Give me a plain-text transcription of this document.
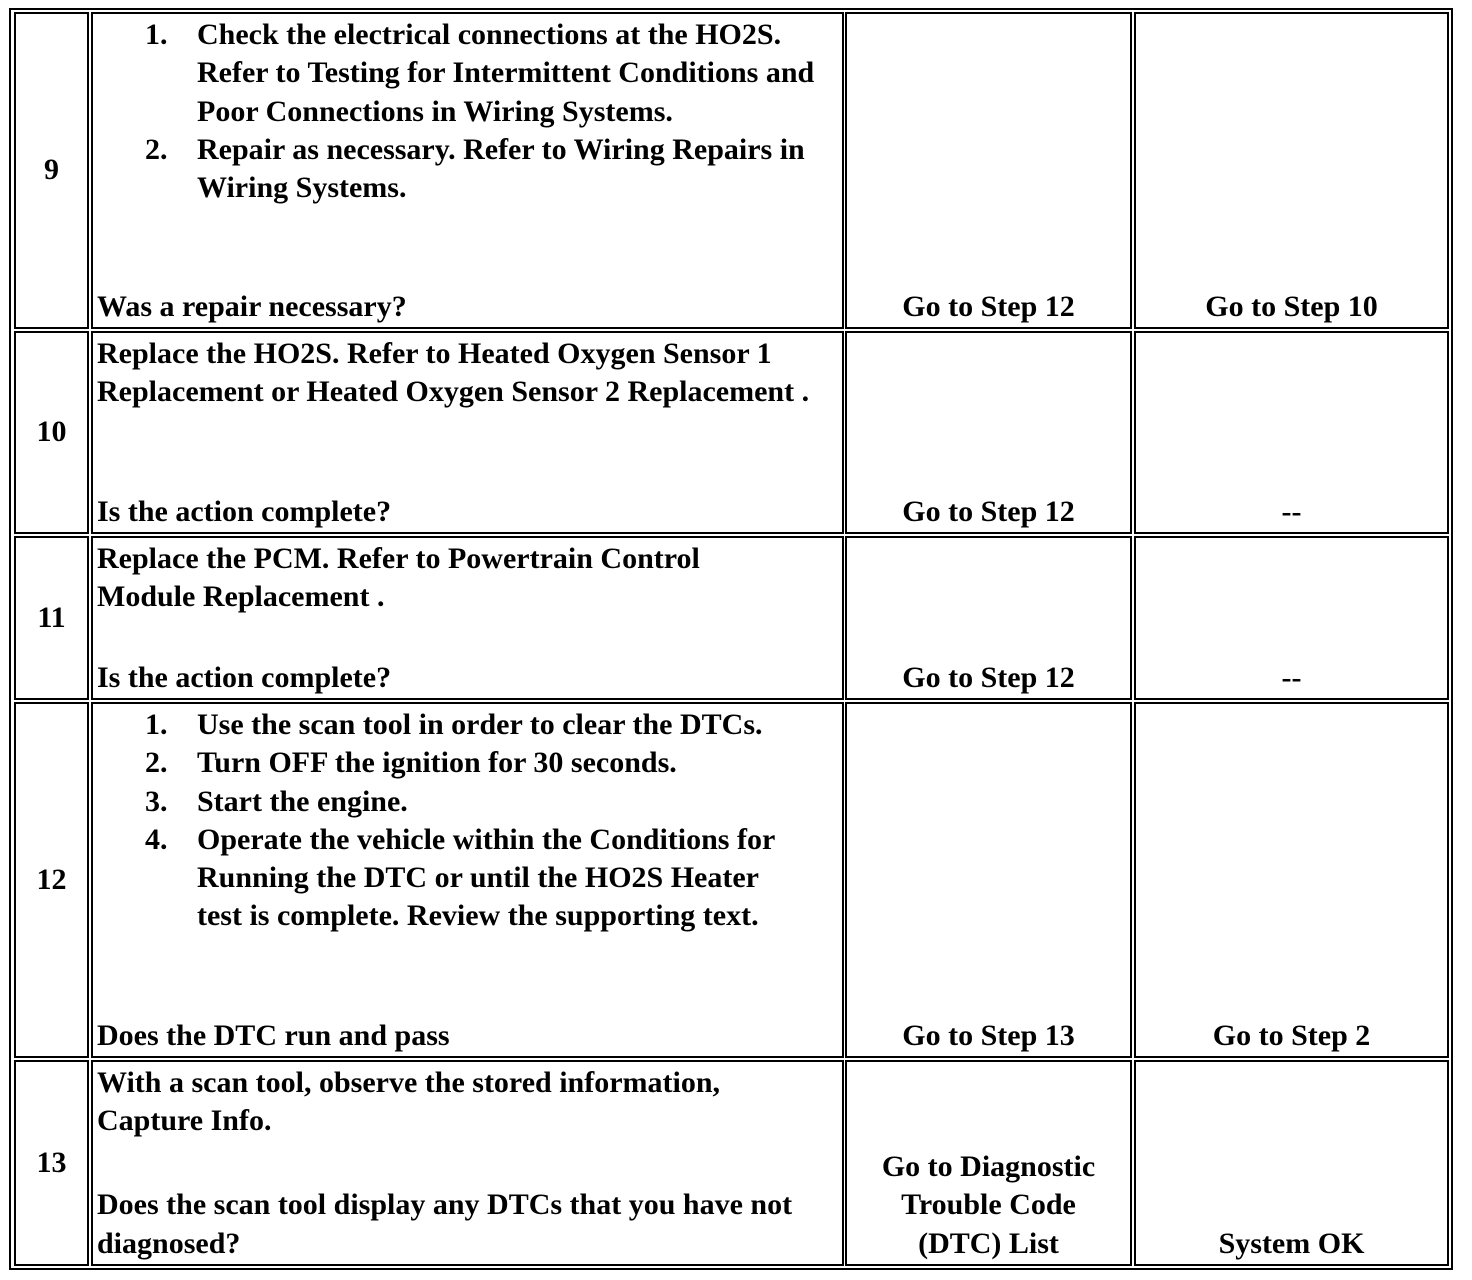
9
1. Check the electrical connections at the HO2S. Refer to Testing for Intermittent Conditions and Poor Connections in Wiring Systems.
2. Repair as necessary. Refer to Wiring Repairs in Wiring Systems.
Was a repair necessary?	Go to Step 12	Go to Step 10
10
Replace the HO2S. Refer to Heated Oxygen Sensor 1 Replacement or Heated Oxygen Sensor 2 Replacement .
Is the action complete?	Go to Step 12	--
11
Replace the PCM. Refer to Powertrain Control Module Replacement .
Is the action complete?	Go to Step 12	--
12
1. Use the scan tool in order to clear the DTCs.
2. Turn OFF the ignition for 30 seconds.
3. Start the engine.
4. Operate the vehicle within the Conditions for Running the DTC or until the HO2S Heater test is complete. Review the supporting text.
Does the DTC run and pass	Go to Step 13	Go to Step 2
13
With a scan tool, observe the stored information, Capture Info.
Does the scan tool display any DTCs that you have not diagnosed?
Go to Diagnostic Trouble Code (DTC) List	System OK
